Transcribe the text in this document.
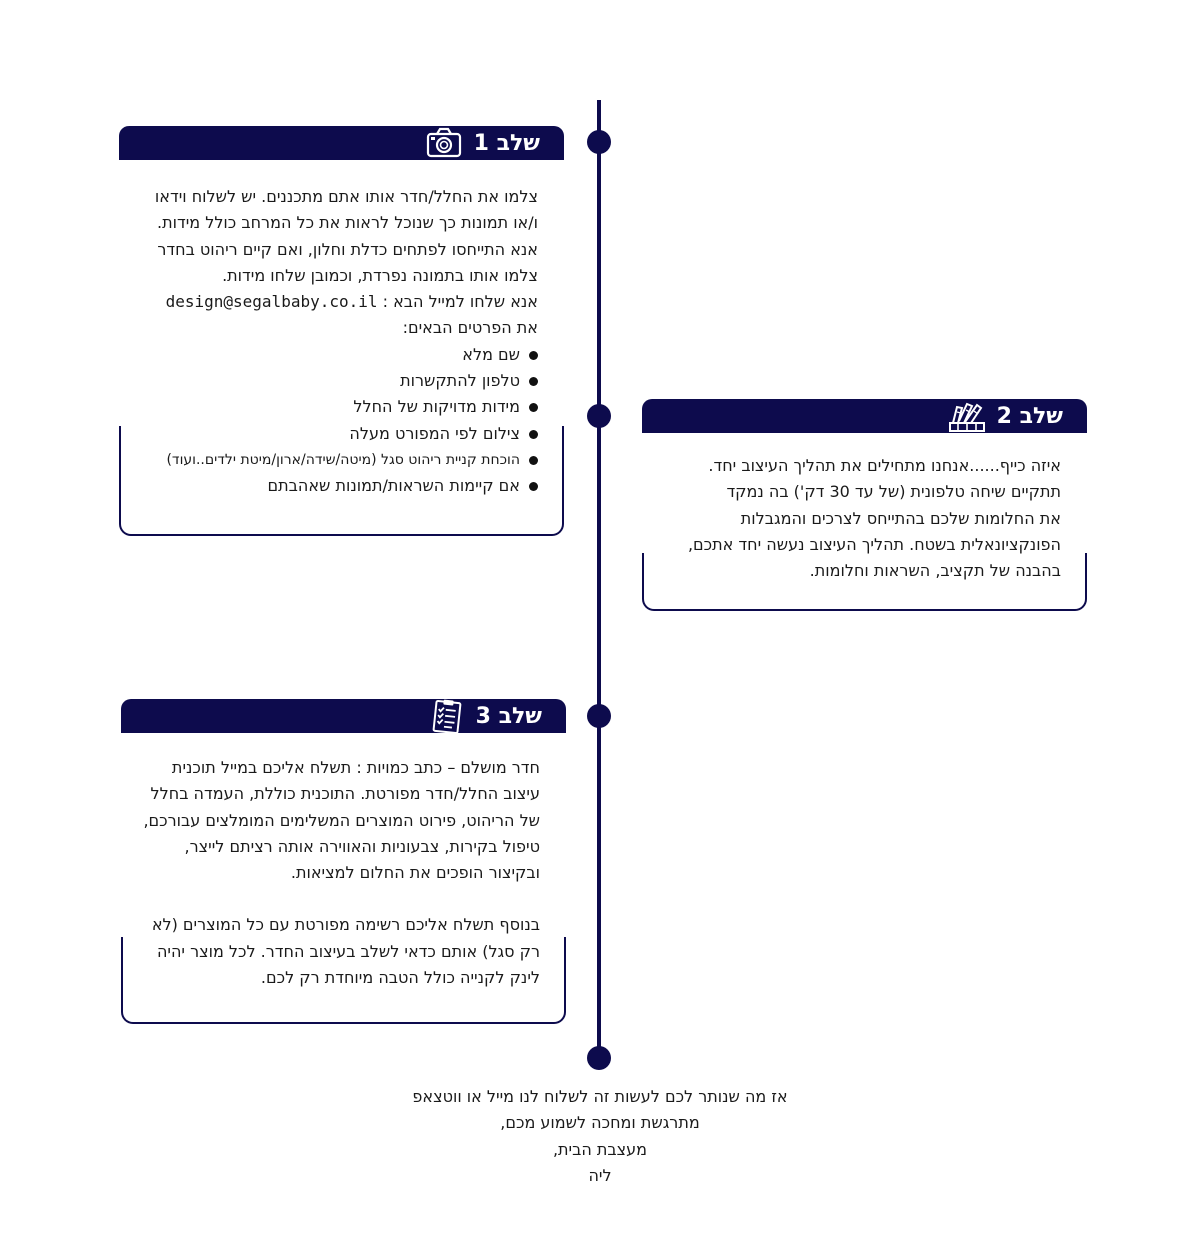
שלב 1

צלמו את החלל/חדר אותו אתם מתכננים. יש לשלוח וידאו

ו/או תמונות כך שנוכל לראות את כל המרחב כולל מידות.

אנא התייחסו לפתחים כדלת וחלון, ואם קיים ריהוט בחדר

צלמו אותו בתמונה נפרדת, וכמובן שלחו מידות.

אנא שלחו למייל הבא : design@segalbaby.co.il

את הפרטים הבאים:

שם מלא
טלפון להתקשרות
מידות מדויקות של החלל
צילום לפי המפורט מעלה
הוכחת קניית ריהוט סגל (מיטה/שידה/ארון/מיטת ילדים..ועוד)
אם קיימות השראות/תמונות שאהבתם
שלב 2

איזה כייף......אנחנו מתחילים את תהליך העיצוב יחד.

תתקיים שיחה טלפונית (של עד 30 דק') בה נמקד

את החלומות שלכם בהתייחס לצרכים והמגבלות

הפונקציונאלית בשטח. תהליך העיצוב נעשה יחד אתכם,

בהבנה של תקציב, השראות וחלומות.

שלב 3

חדר מושלם – כתב כמויות : תשלח אליכם במייל תוכנית

עיצוב החלל/חדר מפורטת. התוכנית כוללת, העמדה בחלל

של הריהוט, פירוט המוצרים המשלימים המומלצים עבורכם,

טיפול בקירות, צבעוניות והאווירה אותה רציתם לייצר,

ובקיצור הופכים את החלום למציאות.

בנוסף תשלח אליכם רשימה מפורטת עם כל המוצרים (לא

רק סגל) אותם כדאי לשלב בעיצוב החדר. לכל מוצר יהיה

לינק לקנייה כולל הטבה מיוחדת רק לכם.

אז מה שנותר לכם לעשות זה לשלוח לנו מייל או ווטצאפ

מתרגשת ומחכה לשמוע מכם,

מעצבת הבית,

ליה
